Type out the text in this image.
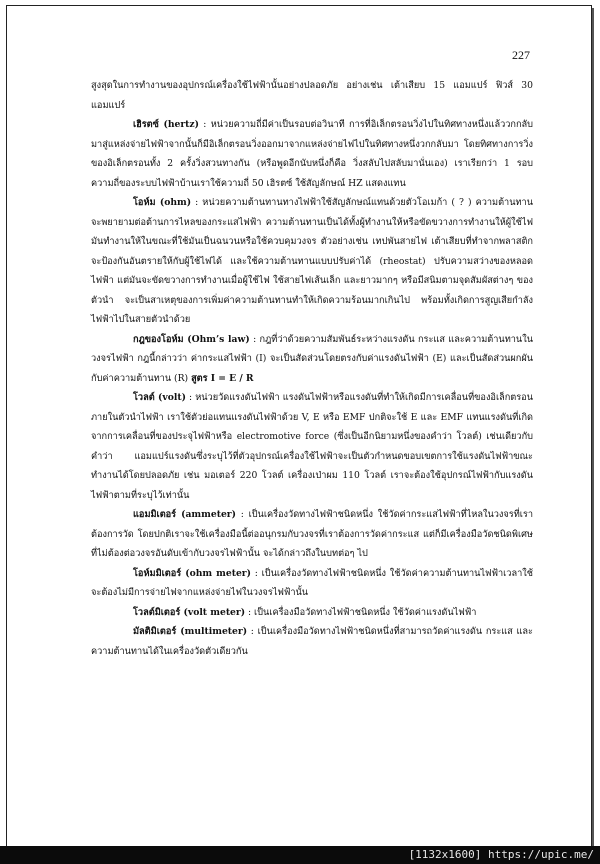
227

สูงสุดในการทำงานของอุปกรณ์เครื่องใช้ไฟฟ้านั้นอย่างปลอดภัย อย่างเช่น เต้าเสียบ 15 แอมแปร์ ฟิวส์ 30 แอมแปร์

เฮิรตซ์ (hertz) : หน่วยความถี่มีค่าเป็นรอบต่อวินาที การที่อิเล็กตรอนวิ่งไปในทิศทางหนึ่งแล้ววกกลับมาสู่แหล่งจ่ายไฟฟ้าจากนั้นก็มีอิเล็กตรอนวิ่งออกมาจากแหล่งจ่ายไฟไปในทิศทางหนึ่งวกกลับมา โดยทิศทางการวิ่งของอิเล็กตรอนทั้ง 2 ครั้งวิ่งสวนทางกัน (หรือพูดอีกนับหนึ่งก็คือ วิ่งสลับไปสลับมานั่นเอง) เราเรียกว่า 1 รอบ ความถี่ของระบบไฟฟ้าบ้านเราใช้ความถี่ 50 เฮิรตซ์ ใช้สัญลักษณ์ HZ แสดงแทน

โอห์ม (ohm) : หน่วยความต้านทานทางไฟฟ้าใช้สัญลักษณ์แทนด้วยตัวโอเมก้า ( ? ) ความต้านทานจะพยายามต่อต้านการไหลของกระแสไฟฟ้า ความต้านทานเป็นได้ทั้งผู้ทำงานให้หรือขัดขวางการทำงานให้ผู้ใช้ไฟ มันทำงานให้ในขณะที่ใช้มันเป็นฉนวนหรือใช้ควบคุมวงจร ตัวอย่างเช่น เทปพันสายไฟ เต้าเสียบที่ทำจากพลาสติก จะป้องกันอันตรายให้กับผู้ใช้ไฟได้ และใช้ความต้านทานแบบปรับค่าได้ (rheostat) ปรับความสว่างของหลอดไฟฟ้า แต่มันจะขัดขวางการทำงานเมื่อผู้ใช้ไฟ ใช้สายไฟเส้นเล็ก และยาวมากๆ หรือมีสนิมตามจุดสัมผัสต่างๆ ของตัวนำ จะเป็นสาเหตุของการเพิ่มค่าความต้านทานทำให้เกิดความร้อนมากเกินไป พร้อมทั้งเกิดการสูญเสียกำลังไฟฟ้าไปในสายตัวนำด้วย

กฎของโอห์ม (Ohm’s law) : กฎที่ว่าด้วยความสัมพันธ์ระหว่างแรงดัน กระแส และความต้านทานในวงจรไฟฟ้า กฎนี้กล่าวว่า ค่ากระแสไฟฟ้า (I) จะเป็นสัดส่วนโดยตรงกับค่าแรงดันไฟฟ้า (E) และเป็นสัดส่วนผกผันกับค่าความต้านทาน (R) สูตร I = E / R

โวลต์ (volt) : หน่วยวัดแรงดันไฟฟ้า แรงดันไฟฟ้าหรือแรงดันที่ทำให้เกิดมีการเคลื่อนที่ของอิเล็กตรอนภายในตัวนำไฟฟ้า เราใช้ตัวย่อแทนแรงดันไฟฟ้าด้วย V, E หรือ EMF ปกติจะใช้ E และ EMF แทนแรงดันที่เกิดจากการเคลื่อนที่ของประจุไฟฟ้าหรือ electromotive force (ซึ่งเป็นอีกนิยามหนึ่งของคำว่า โวลต์) เช่นเดียวกับคำว่า แอมแปร์แรงดันซึ่งระบุไว้ที่ตัวอุปกรณ์เครื่องใช้ไฟฟ้าจะเป็นตัวกำหนดขอบเขตการใช้แรงดันไฟฟ้าขณะทำงานได้โดยปลอดภัย เช่น มอเตอร์ 220 โวลต์ เครื่องเป่าผม 110 โวลต์ เราจะต้องใช้อุปกรณ์ไฟฟ้ากับแรงดันไฟฟ้าตามที่ระบุไว้เท่านั้น

แอมมิเตอร์ (ammeter) : เป็นเครื่องวัดทางไฟฟ้าชนิดหนึ่ง ใช้วัดค่ากระแสไฟฟ้าที่ไหลในวงจรที่เราต้องการวัด โดยปกติเราจะใช้เครื่องมือนี้ต่ออนุกรมกับวงจรที่เราต้องการวัดค่ากระแส แต่ก็มีเครื่องมือวัดชนิดพิเศษที่ไม่ต้องต่อวงจรอันดับเข้ากับวงจรไฟฟ้านั้น จะได้กล่าวถึงในบทต่อๆ ไป

โอห์มมิเตอร์ (ohm meter) : เป็นเครื่องวัดทางไฟฟ้าชนิดหนึ่ง ใช้วัดค่าความต้านทานไฟฟ้าเวลาใช้จะต้องไม่มีการจ่ายไฟจากแหล่งจ่ายไฟในวงจรไฟฟ้านั้น

โวลต์มิเตอร์ (volt meter) : เป็นเครื่องมือวัดทางไฟฟ้าชนิดหนึ่ง ใช้วัดค่าแรงดันไฟฟ้า

มัลติมิเตอร์ (multimeter) : เป็นเครื่องมือวัดทางไฟฟ้าชนิดหนึ่งที่สามารถวัดค่าแรงดัน กระแส และความต้านทานได้ในเครื่องวัดตัวเดียวกัน

[1132x1600] https://upic.me/
